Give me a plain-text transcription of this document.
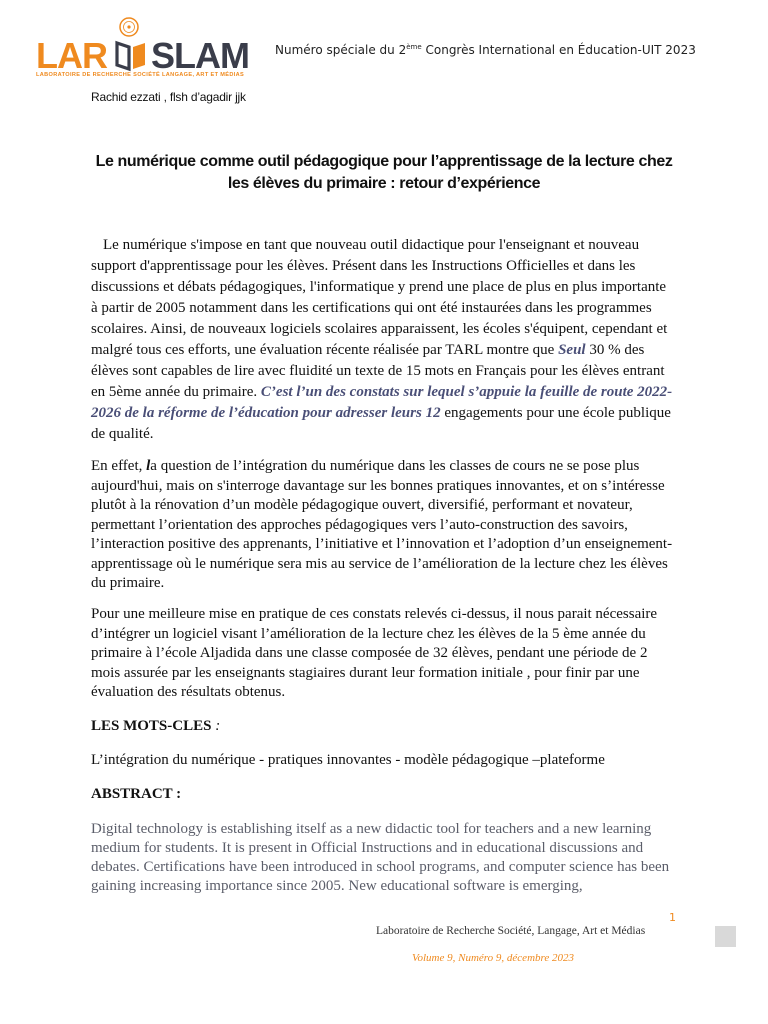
LAR SLAM
LABORATOIRE DE RECHERCHE SOCIÉTÉ LANGAGE, ART ET MÉDIAS
Numéro spéciale du 2ème Congrès International en Éducation-UIT 2023
Rachid ezzati , flsh d’agadir jjk
Le numérique comme outil pédagogique pour l’apprentissage de la lecture chez
les élèves du primaire : retour d’expérience

Le numérique s'impose en tant que nouveau outil didactique pour l'enseignant et nouveau support d'apprentissage pour les élèves. Présent dans les Instructions Officielles et dans les discussions et débats pédagogiques, l'informatique y prend une place de plus en plus importante à partir de 2005 notamment dans les certifications qui ont été instaurées dans les programmes scolaires. Ainsi, de nouveaux logiciels scolaires apparaissent, les écoles s'équipent, cependant et malgré tous ces efforts, une évaluation récente réalisée par TARL montre que Seul 30 % des élèves sont capables de lire avec fluidité un texte de 15 mots en Français pour les élèves entrant en 5ème année du primaire. C’est l’un des constats sur lequel s’appuie la feuille de route 2022-2026 de la réforme de l’éducation pour adresser leurs 12 engagements pour une école publique de qualité.

En effet, la question de l’intégration du numérique dans les classes de cours ne se pose plus aujourd'hui, mais on s'interroge davantage sur les bonnes pratiques innovantes, et on s’intéresse plutôt à la rénovation d’un modèle pédagogique ouvert, diversifié, performant et novateur, permettant l’orientation des approches pédagogiques vers l’auto-construction des savoirs, l’interaction positive des apprenants, l’initiative et l’innovation et l’adoption d’un enseignement-apprentissage où le numérique sera mis au service de l’amélioration de la lecture chez les élèves du primaire.

Pour une meilleure mise en pratique de ces constats relevés ci-dessus, il nous parait nécessaire d’intégrer un logiciel visant l’amélioration de la lecture chez les élèves de la 5 ème année du primaire à l’école Aljadida dans une classe composée de 32 élèves, pendant une période de 2 mois assurée par les enseignants stagiaires durant leur formation initiale , pour finir par une évaluation des résultats obtenus.

LES MOTS-CLES :
L’intégration du numérique - pratiques innovantes - modèle pédagogique –plateforme
ABSTRACT :

Digital technology is establishing itself as a new didactic tool for teachers and a new learning medium for students. It is present in Official Instructions and in educational discussions and debates. Certifications have been introduced in school programs, and computer science has been gaining increasing importance since 2005. New educational software is emerging,

1
Laboratoire de Recherche Société, Langage, Art et Médias
Volume 9, Numéro 9, décembre 2023
